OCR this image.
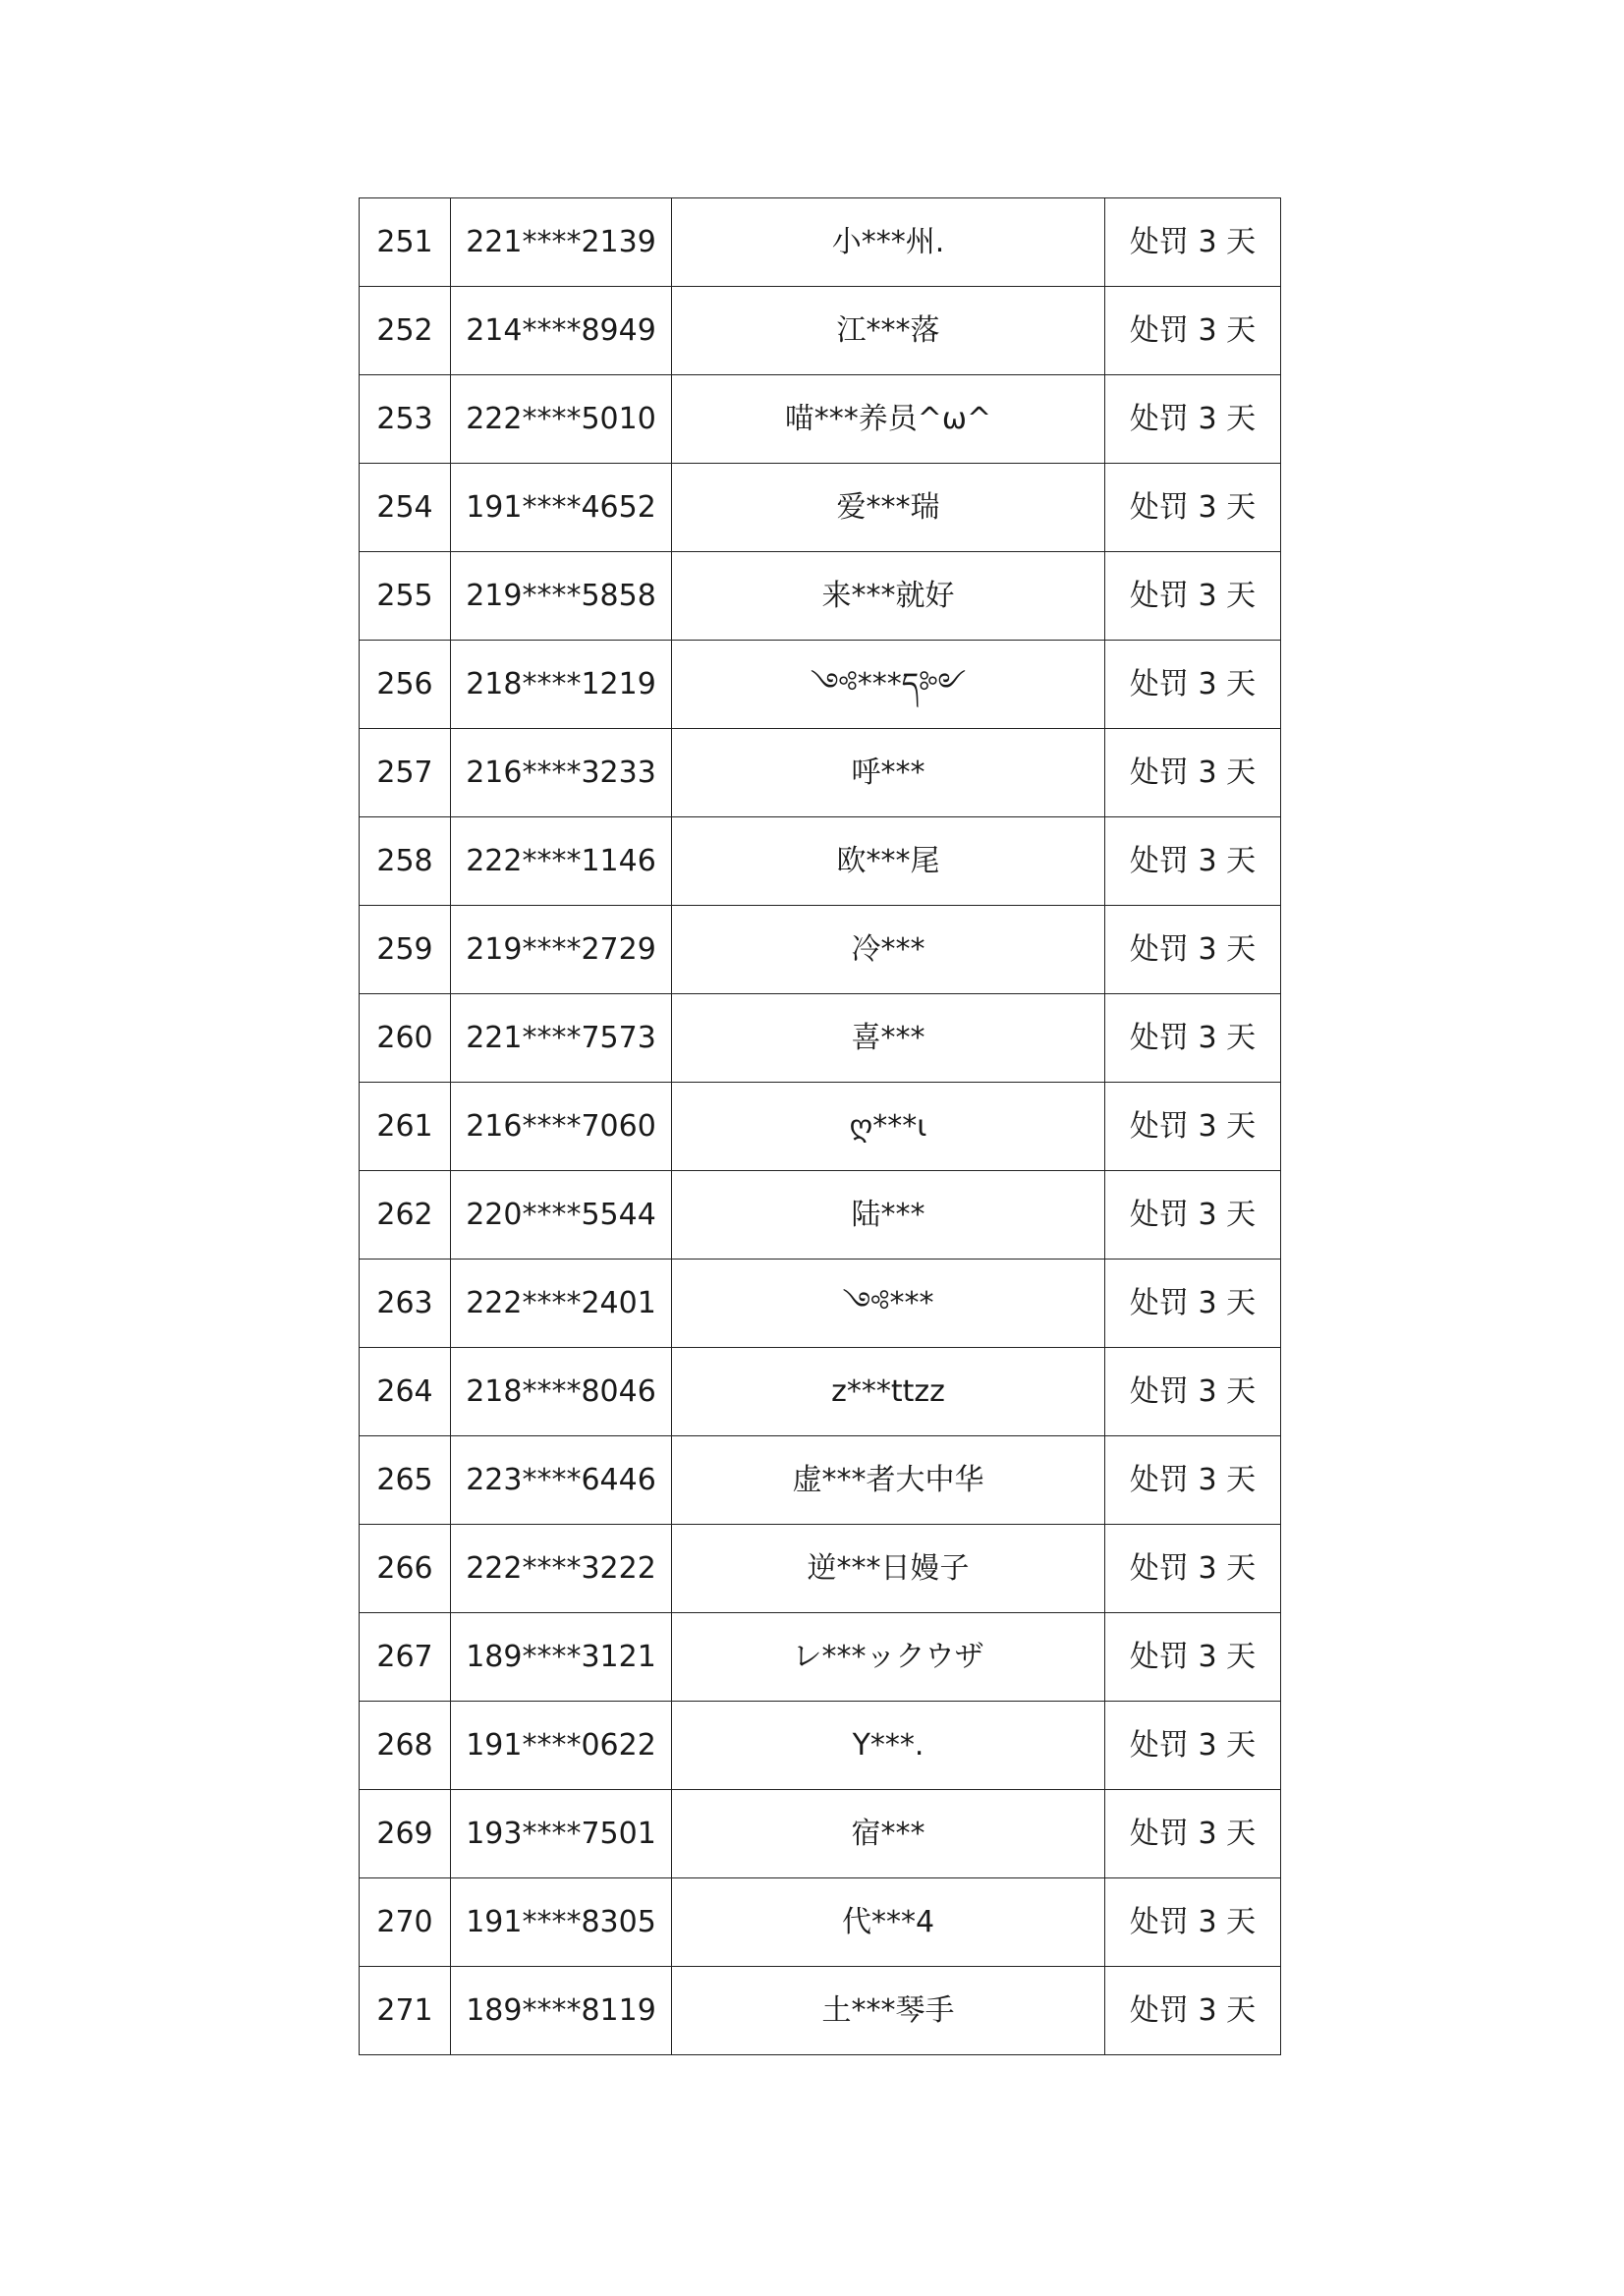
251	221****2139	小***州.	处罚 3 天
252	214****8949	江***落	处罚 3 天
253	222****5010	喵***养员^ω^	处罚 3 天
254	191****4652	爱***瑞	处罚 3 天
255	219****5858	来***就好	处罚 3 天
256	218****1219	༺***ད༻	处罚 3 天
257	216****3233	呼***	处罚 3 天
258	222****1146	欧***尾	处罚 3 天
259	219****2729	冷***	处罚 3 天
260	221****7573	喜***	处罚 3 天
261	216****7060	ღ***ι	处罚 3 天
262	220****5544	陆***	处罚 3 天
263	222****2401	༺***	处罚 3 天
264	218****8046	z***ttzz	处罚 3 天
265	223****6446	虚***者大中华	处罚 3 天
266	222****3222	逆***日嫚子	处罚 3 天
267	189****3121	レ***ックウザ	处罚 3 天
268	191****0622	Y***.	处罚 3 天
269	193****7501	宿***	处罚 3 天
270	191****8305	代***4	处罚 3 天
271	189****8119	土***琴手	处罚 3 天
